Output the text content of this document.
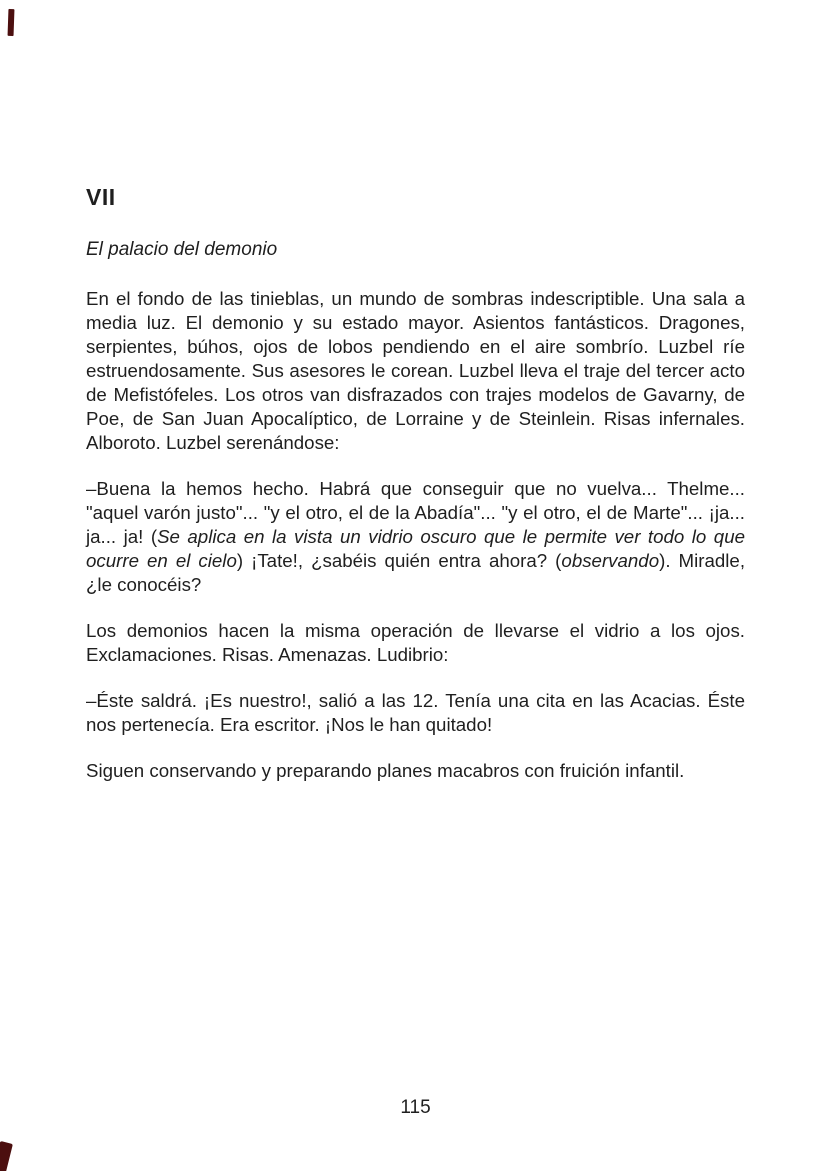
VII

El palacio del demonio

En el fondo de las tinieblas, un mundo de sombras indescriptible. Una sala a media luz. El demonio y su estado mayor. Asientos fantásticos. Dragones, serpientes, búhos, ojos de lobos pendiendo en el aire sombrío. Luzbel ríe estruendosamente. Sus asesores le corean. Luzbel lleva el traje del tercer acto de Mefistófeles. Los otros van disfrazados con trajes modelos de Gavarny, de Poe, de San Juan Apocalíptico, de Lorraine y de Steinlein. Risas infernales. Alboroto. Luzbel serenándose:

–Buena la hemos hecho. Habrá que conseguir que no vuelva... Thelme... "aquel varón justo"... "y el otro, el de la Abadía"... "y el otro, el de Marte"... ¡ja... ja... ja! (Se aplica en la vista un vidrio oscuro que le permite ver todo lo que ocurre en el cielo) ¡Tate!, ¿sabéis quién entra ahora? (observando). Miradle, ¿le conocéis?

Los demonios hacen la misma operación de llevarse el vidrio a los ojos. Exclamaciones. Risas. Amenazas. Ludibrio:

–Éste saldrá. ¡Es nuestro!, salió a las 12. Tenía una cita en las Acacias. Éste nos pertenecía. Era escritor. ¡Nos le han quitado!

Siguen conservando y preparando planes macabros con fruición infantil.

115
